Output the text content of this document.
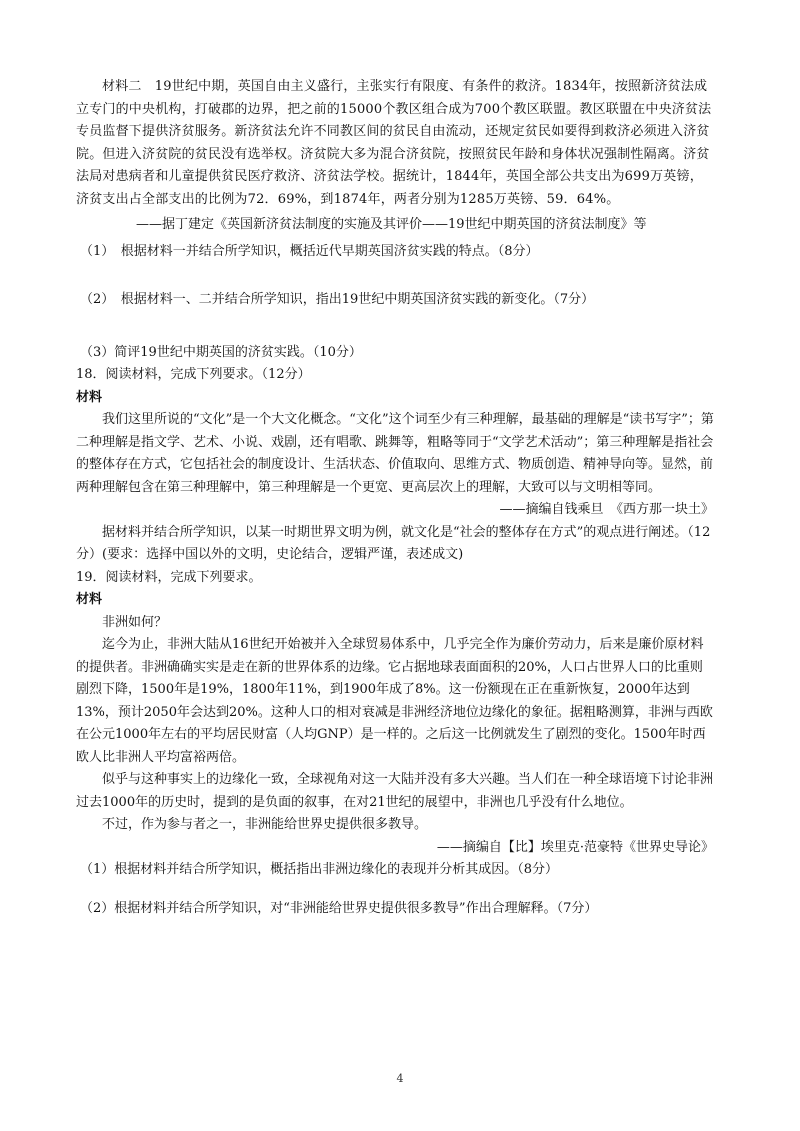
材料二　19世纪中期，英国自由主义盛行，主张实行有限度、有条件的救济。1834年，按照新济贫法成立专门的中央机构，打破郡的边界，把之前的15000个教区组合成为700个教区联盟。教区联盟在中央济贫法专员监督下提供济贫服务。新济贫法允许不同教区间的贫民自由流动，还规定贫民如要得到救济必须进入济贫院。但进入济贫院的贫民没有选举权。济贫院大多为混合济贫院，按照贫民年龄和身体状况强制性隔离。济贫法局对患病者和儿童提供贫民医疗救济、济贫法学校。据统计，1844年，英国全部公共支出为699万英镑，济贫支出占全部支出的比例为72．69%，到1874年，两者分别为1285万英镑、59．64%。

——据丁建定《英国新济贫法制度的实施及其评价——19世纪中期英国的济贫法制度》等

（1）　根据材料一并结合所学知识，概括近代早期英国济贫实践的特点。（8分）

（2）　根据材料一、二并结合所学知识，指出19世纪中期英国济贫实践的新变化。（7分）

（3）简评19世纪中期英国的济贫实践。（10分）

18．阅读材料，完成下列要求。（12分）

材料

我们这里所说的“文化”是一个大文化概念。“文化”这个词至少有三种理解，最基础的理解是“读书写字”；第二种理解是指文学、艺术、小说、戏剧，还有唱歌、跳舞等，粗略等同于“文学艺术活动”；第三种理解是指社会的整体存在方式，它包括社会的制度设计、生活状态、价值取向、思维方式、物质创造、精神导向等。显然，前两种理解包含在第三种理解中，第三种理解是一个更宽、更高层次上的理解，大致可以与文明相等同。

——摘编自钱乘旦　《西方那一块土》

据材料并结合所学知识，以某一时期世界文明为例，就文化是“社会的整体存在方式”的观点进行阐述。（12分）(要求：选择中国以外的文明，史论结合，逻辑严谨，表述成文)

19．阅读材料，完成下列要求。

材料

非洲如何？

迄今为止，非洲大陆从16世纪开始被并入全球贸易体系中，几乎完全作为廉价劳动力，后来是廉价原材料的提供者。非洲确确实实是走在新的世界体系的边缘。它占据地球表面面积的20%，人口占世界人口的比重则剧烈下降，1500年是19%，1800年11%，到1900年成了8%。这一份额现在正在重新恢复，2000年达到13%，预计2050年会达到20%。这种人口的相对衰减是非洲经济地位边缘化的象征。据粗略测算，非洲与西欧在公元1000年左右的平均居民财富（人均GNP）是一样的。之后这一比例就发生了剧烈的变化。1500年时西欧人比非洲人平均富裕两倍。

似乎与这种事实上的边缘化一致，全球视角对这一大陆并没有多大兴趣。当人们在一种全球语境下讨论非洲过去1000年的历史时，提到的是负面的叙事，在对21世纪的展望中，非洲也几乎没有什么地位。

不过，作为参与者之一，非洲能给世界史提供很多教导。

——摘编自【比】埃里克·范豪特《世界史导论》

（1）根据材料并结合所学知识，概括指出非洲边缘化的表现并分析其成因。（8分）

（2）根据材料并结合所学知识，对“非洲能给世界史提供很多教导”作出合理解释。（7分）

4
